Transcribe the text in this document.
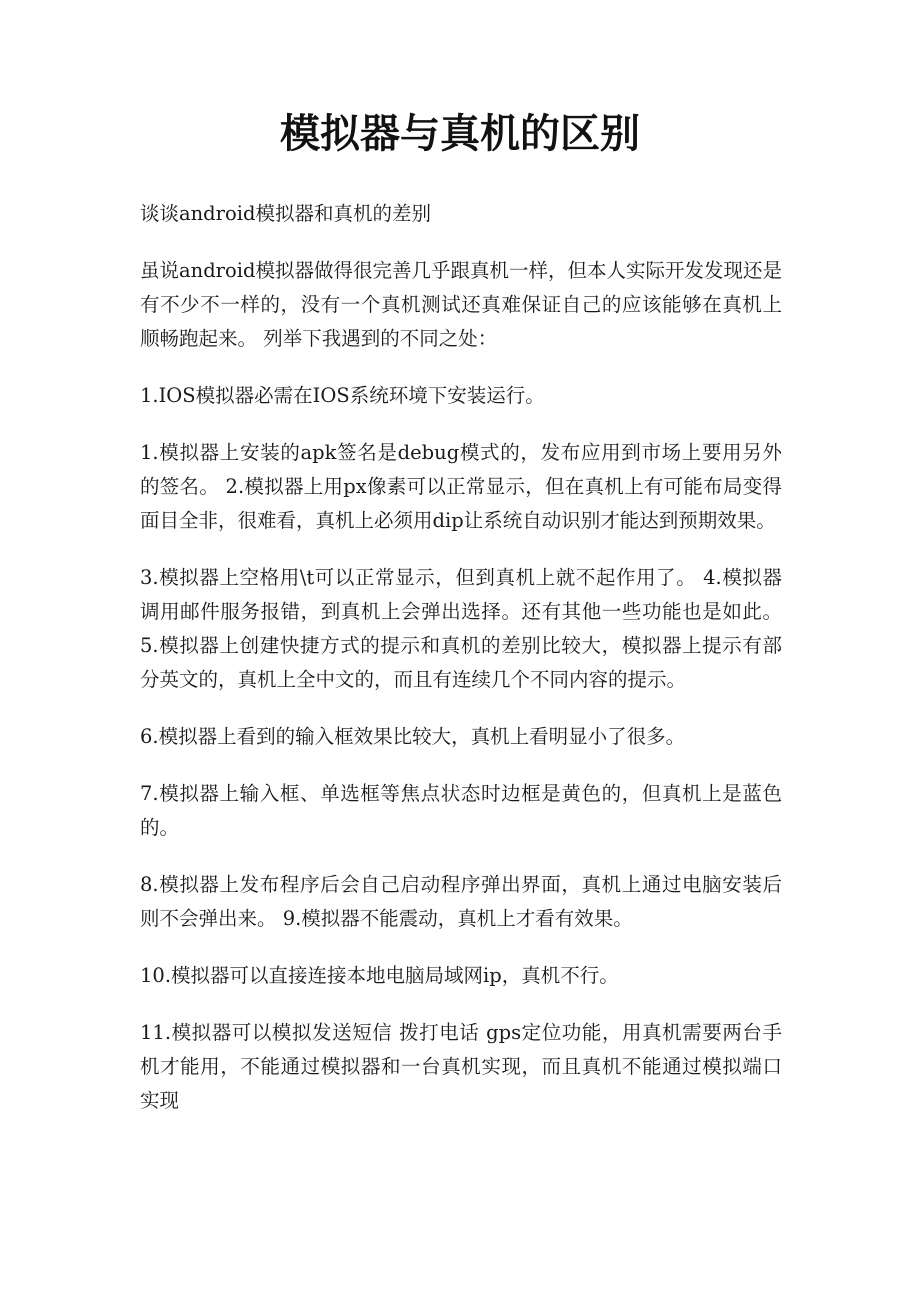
模拟器与真机的区别

谈谈android模拟器和真机的差别

虽说android模拟器做得很完善几乎跟真机一样，但本人实际开发发现还是有不少不一样的，没有一个真机测试还真难保证自己的应该能够在真机上顺畅跑起来。 列举下我遇到的不同之处：

1.IOS模拟器必需在IOS系统环境下安装运行。

1.模拟器上安装的apk签名是debug模式的，发布应用到市场上要用另外的签名。 2.模拟器上用px像素可以正常显示，但在真机上有可能布局变得面目全非，很难看，真机上必须用dip让系统自动识别才能达到预期效果。

3.模拟器上空格用\t可以正常显示，但到真机上就不起作用了。 4.模拟器调用邮件服务报错，到真机上会弹出选择。还有其他一些功能也是如此。 5.模拟器上创建快捷方式的提示和真机的差别比较大，模拟器上提示有部分英文的，真机上全中文的，而且有连续几个不同内容的提示。

6.模拟器上看到的输入框效果比较大，真机上看明显小了很多。

7.模拟器上输入框、单选框等焦点状态时边框是黄色的，但真机上是蓝色的。

8.模拟器上发布程序后会自己启动程序弹出界面，真机上通过电脑安装后则不会弹出来。 9.模拟器不能震动，真机上才看有效果。

10.模拟器可以直接连接本地电脑局域网ip，真机不行。

11.模拟器可以模拟发送短信 拨打电话 gps定位功能，用真机需要两台手机才能用，不能通过模拟器和一台真机实现，而且真机不能通过模拟端口实现
